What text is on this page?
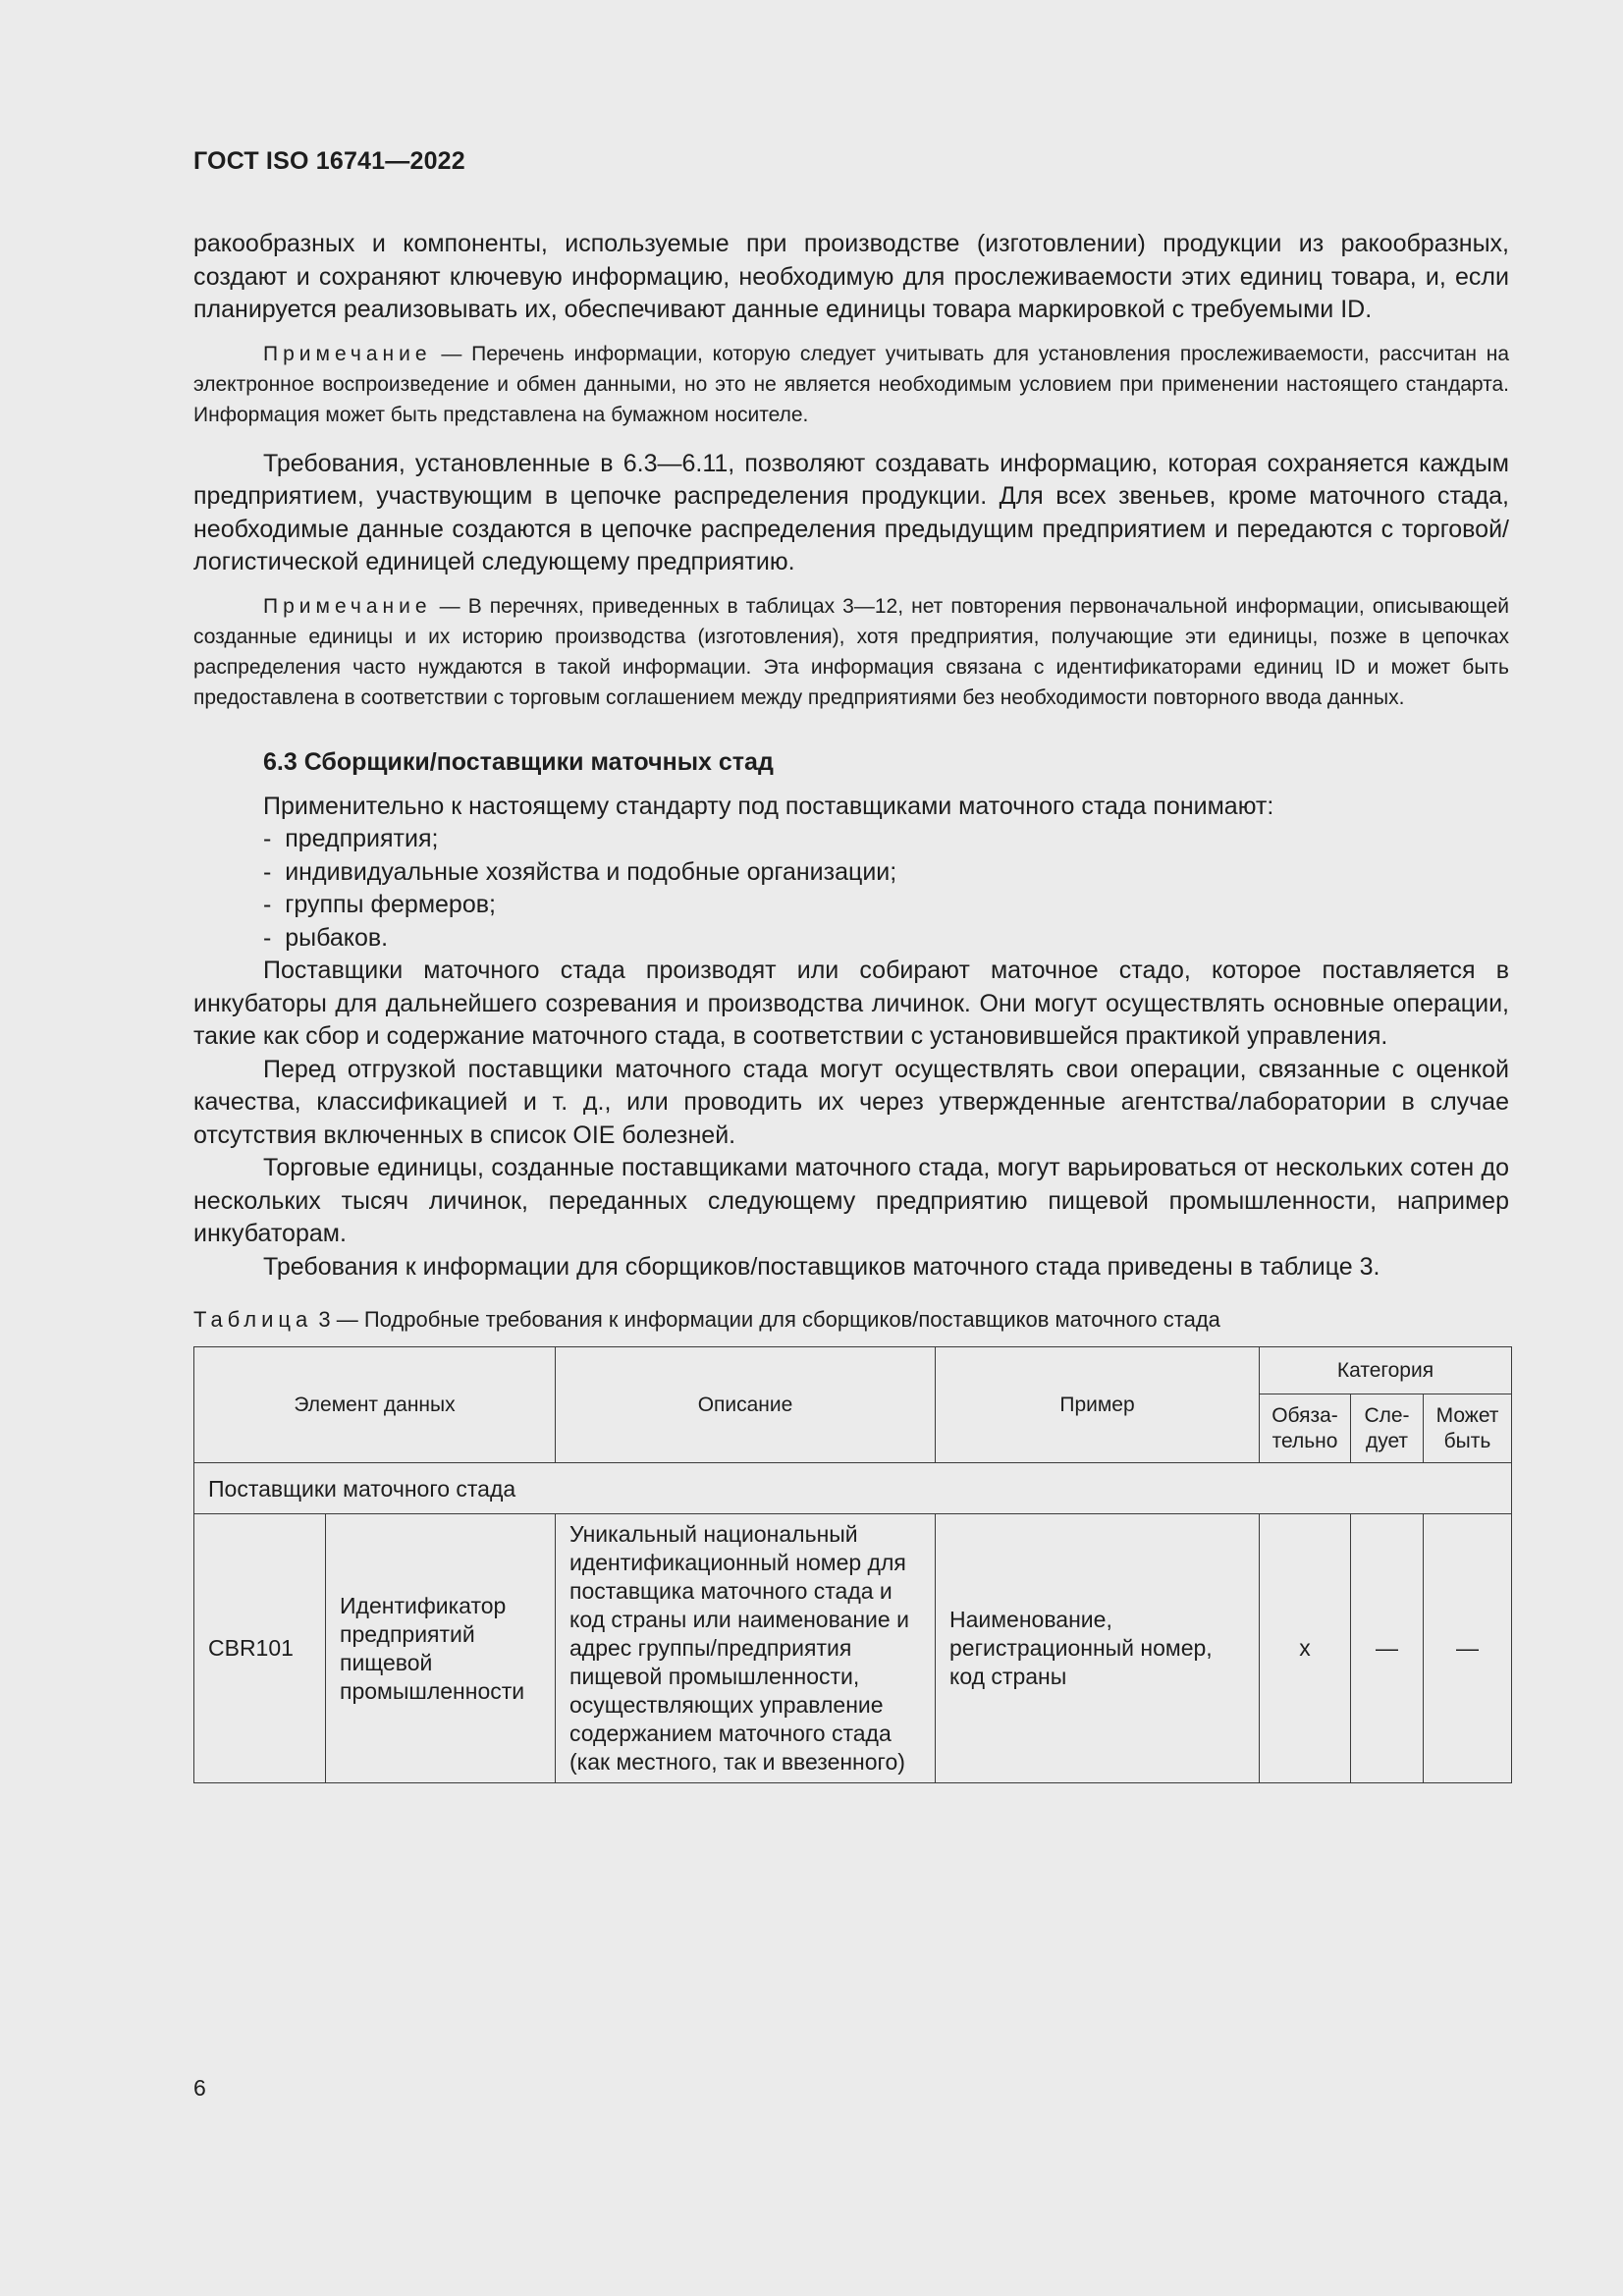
ГОСТ ISO 16741—2022

ракообразных и компоненты, используемые при производстве (изготовлении) продукции из ракообразных, создают и сохраняют ключевую информацию, необходимую для прослеживаемости этих единиц товара, и, если планируется реализовывать их, обеспечивают данные единицы товара маркировкой с требуемыми ID.

Примечание — Перечень информации, которую следует учитывать для установления прослеживаемости, рассчитан на электронное воспроизведение и обмен данными, но это не является необходимым условием при применении настоящего стандарта. Информация может быть представлена на бумажном носителе.

Требования, установленные в 6.3—6.11, позволяют создавать информацию, которая сохраняется каждым предприятием, участвующим в цепочке распределения продукции. Для всех звеньев, кроме маточного стада, необходимые данные создаются в цепочке распределения предыдущим предприятием и передаются с торговой/логистической единицей следующему предприятию.

Примечание — В перечнях, приведенных в таблицах 3—12, нет повторения первоначальной информации, описывающей созданные единицы и их историю производства (изготовления), хотя предприятия, получающие эти единицы, позже в цепочках распределения часто нуждаются в такой информации. Эта информация связана с идентификаторами единиц ID и может быть предоставлена в соответствии с торговым соглашением между предприятиями без необходимости повторного ввода данных.

6.3 Сборщики/поставщики маточных стад

Применительно к настоящему стандарту под поставщиками маточного стада понимают:

-  предприятия;
-  индивидуальные хозяйства и подобные организации;
-  группы фермеров;
-  рыбаков.

Поставщики маточного стада производят или собирают маточное стадо, которое поставляется в инкубаторы для дальнейшего созревания и производства личинок. Они могут осуществлять основные операции, такие как сбор и содержание маточного стада, в соответствии с установившейся практикой управления.

Перед отгрузкой поставщики маточного стада могут осуществлять свои операции, связанные с оценкой качества, классификацией и т. д., или проводить их через утвержденные агентства/лаборатории в случае отсутствия включенных в список OIE болезней.

Торговые единицы, созданные поставщиками маточного стада, могут варьироваться от нескольких сотен до нескольких тысяч личинок, переданных следующему предприятию пищевой промышленности, например инкубаторам.

Требования к информации для сборщиков/поставщиков маточного стада приведены в таблице 3.

Таблица 3 — Подробные требования к информации для сборщиков/поставщиков маточного стада
Элемент данных		Описание	Пример	Категория		
				Обяза-тельно	Сле-дует	Может быть
Поставщики маточного стада						
CBR101	Идентификатор предприятий пищевой промышленности	Уникальный национальный идентификационный номер для поставщика маточного стада и код страны или наименование и адрес группы/предприятия пищевой промышленности, осуществляющих управление содержанием маточного стада (как местного, так и ввезенного)	Наименование, регистрационный номер, код страны	x	—	—
6
